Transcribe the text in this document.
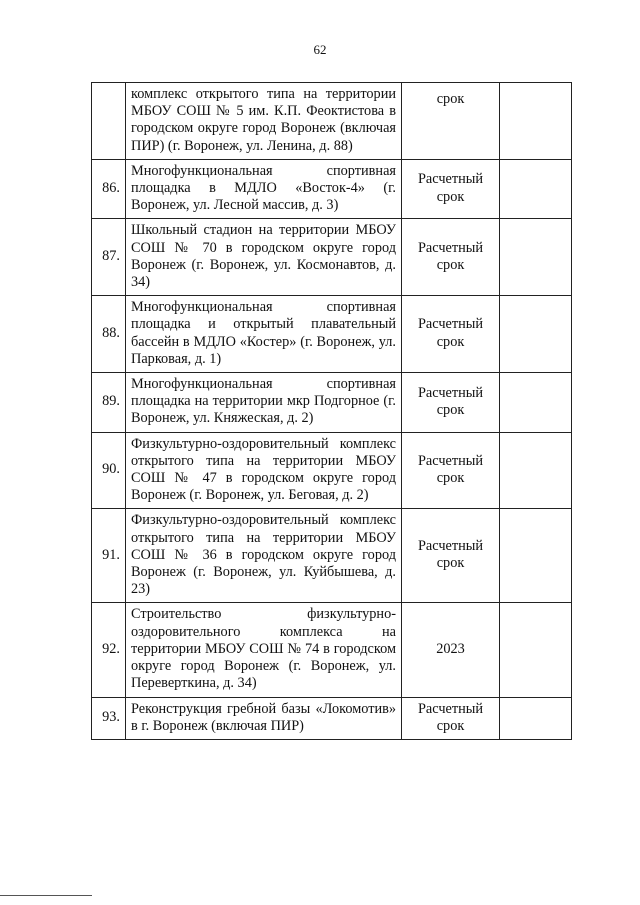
62
	комплекс открытого типа на территории МБОУ СОШ № 5 им. К.П. Феоктистова в городском округе город Воронеж (включая ПИР) (г. Воронеж, ул. Ленина, д. 88)	срок	
86.	Многофункциональная спортивная площадка в МДЛО «Восток-4» (г. Воронеж, ул. Лесной массив, д. 3)	Расчетный срок	
87.	Школьный стадион на территории МБОУ СОШ № 70 в городском округе город Воронеж (г. Воронеж, ул. Космонавтов, д. 34)	Расчетный срок	
88.	Многофункциональная спортивная площадка и открытый плавательный бассейн в МДЛО «Костер» (г. Воронеж, ул. Парковая, д. 1)	Расчетный срок	
89.	Многофункциональная спортивная площадка на территории мкр Подгорное (г. Воронеж, ул. Княжеская, д. 2)	Расчетный срок	
90.	Физкультурно-оздоровительный комплекс открытого типа на территории МБОУ СОШ № 47 в городском округе город Воронеж (г. Воронеж, ул. Беговая, д. 2)	Расчетный срок	
91.	Физкультурно-оздоровительный комплекс открытого типа на территории МБОУ СОШ № 36 в городском округе город Воронеж (г. Воронеж, ул. Куйбышева, д. 23)	Расчетный срок	
92.	Строительство физкультурно-оздоровительного комплекса на территории МБОУ СОШ № 74 в городском округе город Воронеж (г. Воронеж, ул. Переверткина, д. 34)	2023	
93.	Реконструкция гребной базы «Локомотив» в г. Воронеж (включая ПИР)	Расчетный срок	
